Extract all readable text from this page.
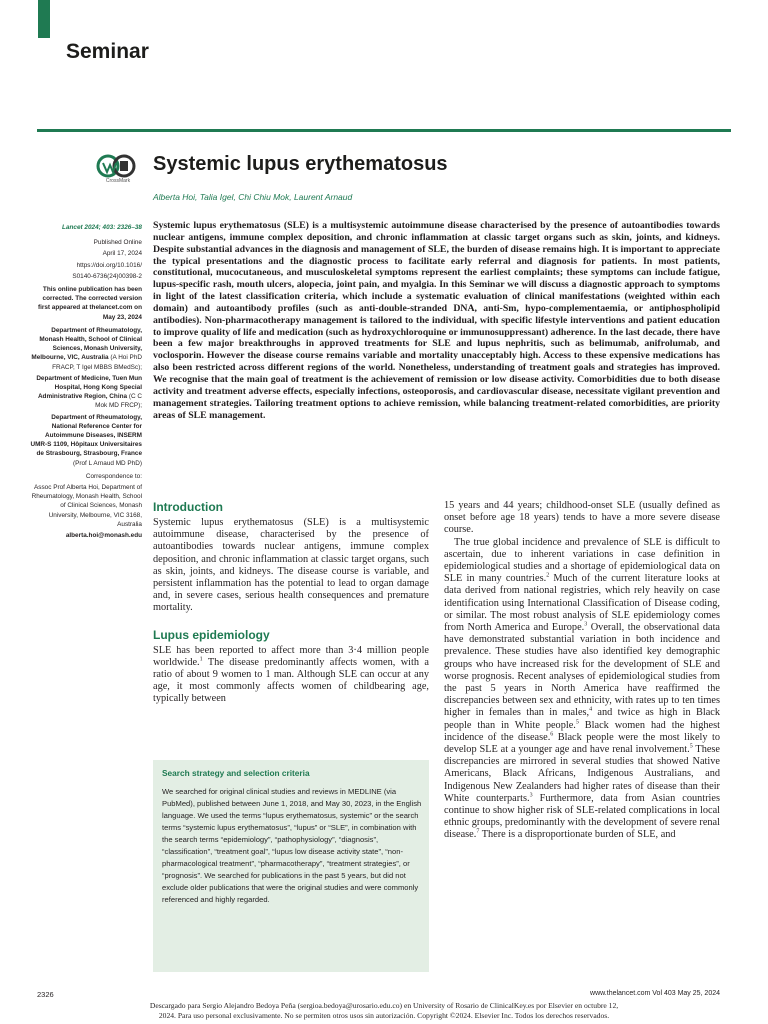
Seminar
CrossMark
Systemic lupus erythematosus
Alberta Hoi, Talia Igel, Chi Chiu Mok, Laurent Arnaud

Lancet 2024; 403: 2326–38

Published Online

April 17, 2024

https://doi.org/10.1016/

S0140-6736(24)00398-2

This online publication has been corrected. The corrected version first appeared at thelancet.com on May 23, 2024

Department of Rheumatology, Monash Health, School of Clinical Sciences, Monash University, Melbourne, VIC, Australia (A Hoi PhD FRACP, T Igel MBBS BMedSc);

Department of Medicine, Tuen Mun Hospital, Hong Kong Special Administrative Region, China (C C Mok MD FRCP);

Department of Rheumatology, National Reference Center for Autoimmune Diseases, INSERM UMR-S 1109, Hôpitaux Universitaires de Strasbourg, Strasbourg, France (Prof L Arnaud MD PhD)

Correspondence to:

Assoc Prof Alberta Hoi, Department of Rheumatology, Monash Health, School of Clinical Sciences, Monash University, Melbourne, VIC 3168, Australia

alberta.hoi@monash.edu

Systemic lupus erythematosus (SLE) is a multisystemic autoimmune disease characterised by the presence of autoantibodies towards nuclear antigens, immune complex deposition, and chronic inflammation at classic target organs such as skin, joints, and kidneys. Despite substantial advances in the diagnosis and management of SLE, the burden of disease remains high. It is important to appreciate the typical presentations and the diagnostic process to facilitate early referral and diagnosis for patients. In most patients, constitutional, mucocutaneous, and musculoskeletal symptoms represent the earliest complaints; these symptoms can include fatigue, lupus-specific rash, mouth ulcers, alopecia, joint pain, and myalgia. In this Seminar we will discuss a diagnostic approach to symptoms in light of the latest classification criteria, which include a systematic evaluation of clinical manifestations (weighted within each domain) and autoantibody profiles (such as anti-double-stranded DNA, anti-Sm, hypo-complementaemia, or antiphospholipid antibodies). Non-pharmacotherapy management is tailored to the individual, with specific lifestyle interventions and patient education to improve quality of life and medication (such as hydroxychloroquine or immunosuppressant) adherence. In the last decade, there have been a few major breakthroughs in approved treatments for SLE and lupus nephritis, such as belimumab, anifrolumab, and voclosporin. However the disease course remains variable and mortality unacceptably high. Access to these expensive medications has also been restricted across different regions of the world. Nonetheless, understanding of treatment goals and strategies has improved. We recognise that the main goal of treatment is the achievement of remission or low disease activity. Comorbidities due to both disease activity and treatment adverse effects, especially infections, osteoporosis, and cardiovascular disease, necessitate vigilant prevention and management strategies. Tailoring treatment options to achieve remission, while balancing treatment-related comorbidities, are priority areas of SLE management.
Introduction

Systemic lupus erythematosus (SLE) is a multisystemic autoimmune disease, characterised by the presence of autoantibodies towards nuclear antigens, immune complex deposition, and chronic inflammation at classic target organs, such as skin, joints, and kidneys. The disease course is variable, and persistent inflammation has the potential to lead to organ damage and, in severe cases, serious health consequences and premature mortality.

Lupus epidemiology

SLE has been reported to affect more than 3·4 million people worldwide.$^1$ The disease predominantly affects women, with a ratio of about 9 women to 1 man. Although SLE can occur at any age, it most commonly affects women of childbearing age, typically between

Search strategy and selection criteria
We searched for original clinical studies and reviews in MEDLINE (via PubMed), published between June 1, 2018, and May 30, 2023, in the English language. We used the terms “lupus erythematosus, systemic” or the search terms “systemic lupus erythematosus”, “lupus” or “SLE”, in combination with the search terms “epidemiology”, “pathophysiology”, “diagnosis”, “classification”, “treatment goal”, “lupus low disease activity state”, “non-pharmacological treatment”, “pharmacotherapy”, “treatment strategies”, or “prognosis”. We searched for publications in the past 5 years, but did not exclude older publications that were the original studies and were commonly referenced and highly regarded.

15 years and 44 years; childhood-onset SLE (usually defined as onset before age 18 years) tends to have a more severe disease course.

The true global incidence and prevalence of SLE is difficult to ascertain, due to inherent variations in case definition in epidemiological studies and a shortage of epidemiological data on SLE in many countries.$^2$ Much of the current literature looks at data derived from national registries, which rely heavily on case identification using International Classification of Disease coding, or similar. The most robust analysis of SLE epidemiology comes from North America and Europe.$^3$ Overall, the observational data have demonstrated substantial variation in both incidence and prevalence. These studies have also identified key demographic groups who have increased risk for the development of SLE and worse prognosis. Recent analyses of epidemiological studies from the past 5 years in North America have reaffirmed the discrepancies between sex and ethnicity, with rates up to ten times higher in females than in males,$^4$ and twice as high in Black people than in White people.$^5$ Black women had the highest incidence of the disease.$^6$ Black people were the most likely to develop SLE at a younger age and have renal involvement.$^5$ These discrepancies are mirrored in several studies that showed Native Americans, Black Africans, Indigenous Australians, and Indigenous New Zealanders had higher rates of disease than their White counterparts.$^3$ Furthermore, data from Asian countries continue to show higher risk of SLE-related complications in local ethnic groups, predominantly with the development of severe renal disease.$^7$ There is a disproportionate burden of SLE, and

2326	www.thelancet.com Vol 403 May 25, 2024
Descargado para Sergio Alejandro Bedoya Peña (sergioa.bedoya@urosario.edu.co) en University of Rosario de ClinicalKey.es por Elsevier en octubre 12,
2024. Para uso personal exclusivamente. No se permiten otros usos sin autorización. Copyright ©2024. Elsevier Inc. Todos los derechos reservados.
